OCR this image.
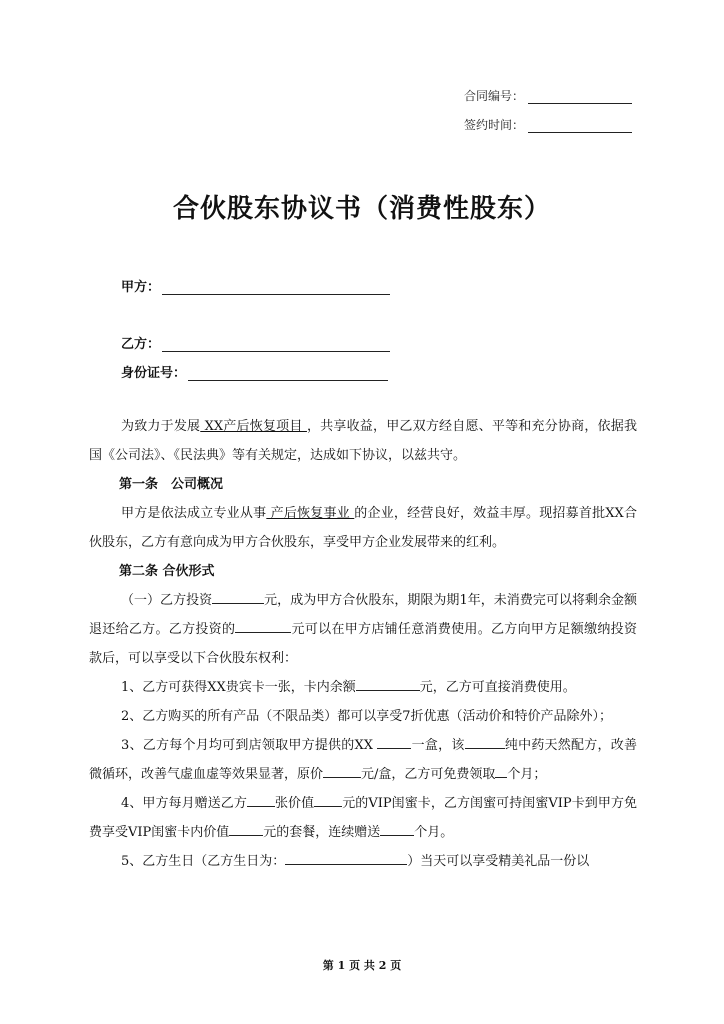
合同编号：
签约时间：
合伙股东协议书（消费性股东）
甲方：
乙方：
身份证号：

为致力于发展 XX产后恢复项目 ，共享收益，甲乙双方经自愿、平等和充分协商，依据我国《公司法》、《民法典》等有关规定，达成如下协议，以兹共守。

第一条　公司概况

甲方是依法成立专业从事 产后恢复事业 的企业，经营良好，效益丰厚。现招募首批XX合伙股东，乙方有意向成为甲方合伙股东，享受甲方企业发展带来的红利。

第二条 合伙形式

（一）乙方投资	元，成为甲方合伙股东，期限为期1年，未消费完可以将剩余金额退还给乙方。乙方投资的	元可以在甲方店铺任意消费使用。乙方向甲方足额缴纳投资款后，可以享受以下合伙股东权利：

1、乙方可获得XX贵宾卡一张，卡内余额	元，乙方可直接消费使用。

2、乙方购买的所有产品（不限品类）都可以享受7折优惠（活动价和特价产品除外）；

3、乙方每个月均可到店领取甲方提供的XX	一盒，该	纯中药天然配方，改善微循环，改善气虚血虚等效果显著，原价	元/盒，乙方可免费领取 个月；

4、甲方每月赠送乙方 张价值 元的VIP闺蜜卡，乙方闺蜜可持闺蜜VIP卡到甲方免费享受VIP闺蜜卡内价值	元的套餐，连续赠送	个月。

5、乙方生日（乙方生日为：	）当天可以享受精美礼品一份以

第 1 页 共 2 页
